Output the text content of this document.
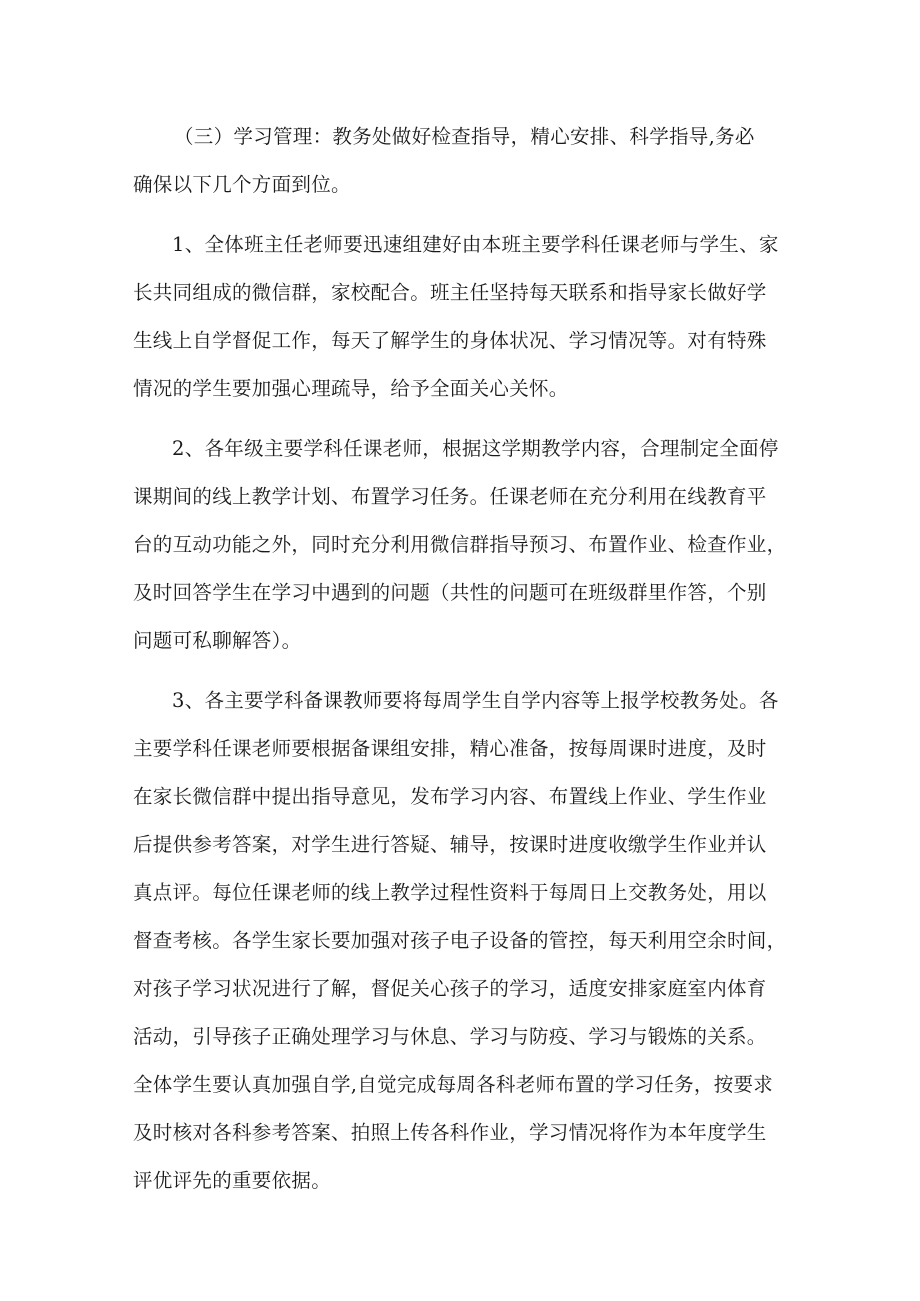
（三）学习管理：教务处做好检查指导，精心安排、科学指导,务必
确保以下几个方面到位。
1、全体班主任老师要迅速组建好由本班主要学科任课老师与学生、家
长共同组成的微信群，家校配合。班主任坚持每天联系和指导家长做好学
生线上自学督促工作，每天了解学生的身体状况、学习情况等。对有特殊
情况的学生要加强心理疏导，给予全面关心关怀。
2、各年级主要学科任课老师，根据这学期教学内容，合理制定全面停
课期间的线上教学计划、布置学习任务。任课老师在充分利用在线教育平
台的互动功能之外，同时充分利用微信群指导预习、布置作业、检查作业，
及时回答学生在学习中遇到的问题（共性的问题可在班级群里作答，个别
问题可私聊解答）。
3、各主要学科备课教师要将每周学生自学内容等上报学校教务处。各
主要学科任课老师要根据备课组安排，精心准备，按每周课时进度，及时
在家长微信群中提出指导意见，发布学习内容、布置线上作业、学生作业
后提供参考答案，对学生进行答疑、辅导，按课时进度收缴学生作业并认
真点评。每位任课老师的线上教学过程性资料于每周日上交教务处，用以
督查考核。各学生家长要加强对孩子电子设备的管控，每天利用空余时间，
对孩子学习状况进行了解，督促关心孩子的学习，适度安排家庭室内体育
活动，引导孩子正确处理学习与休息、学习与防疫、学习与锻炼的关系。
全体学生要认真加强自学,自觉完成每周各科老师布置的学习任务，按要求
及时核对各科参考答案、拍照上传各科作业，学习情况将作为本年度学生
评优评先的重要依据。
